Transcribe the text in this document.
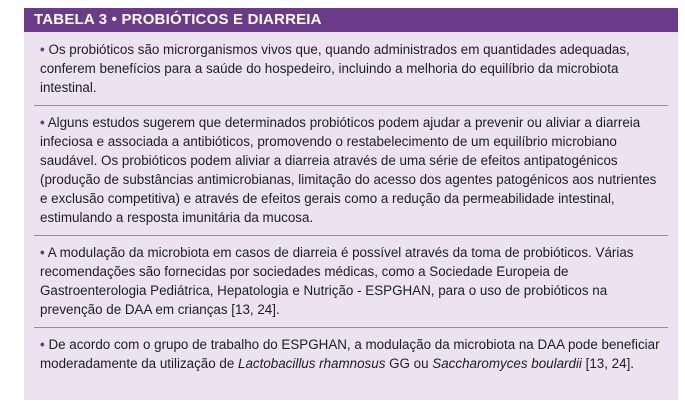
TABELA 3 • PROBIÓTICOS E DIARREIA

• Os probióticos são microrganismos vivos que, quando administrados em quantidades adequadas, conferem benefícios para a saúde do hospedeiro, incluindo a melhoria do equilíbrio da microbiota intestinal.

• Alguns estudos sugerem que determinados probióticos podem ajudar a prevenir ou aliviar a diarreia infeciosa e associada a antibióticos, promovendo o restabelecimento de um equilíbrio microbiano saudável. Os probióticos podem aliviar a diarreia através de uma série de efeitos antipatogénicos (produção de substâncias antimicrobianas, limitação do acesso dos agentes patogénicos aos nutrientes e exclusão competitiva) e através de efeitos gerais como a redução da permeabilidade intestinal, estimulando a resposta imunitária da mucosa.

• A modulação da microbiota em casos de diarreia é possível através da toma de probióticos. Várias recomendações são fornecidas por sociedades médicas, como a Sociedade Europeia de Gastroenterologia Pediátrica, Hepatologia e Nutrição - ESPGHAN, para o uso de probióticos na prevenção de DAA em crianças [13, 24].

• De acordo com o grupo de trabalho do ESPGHAN, a modulação da microbiota na DAA pode beneficiar moderadamente da utilização de Lactobacillus rhamnosus GG ou Saccharomyces boulardii [13, 24].
